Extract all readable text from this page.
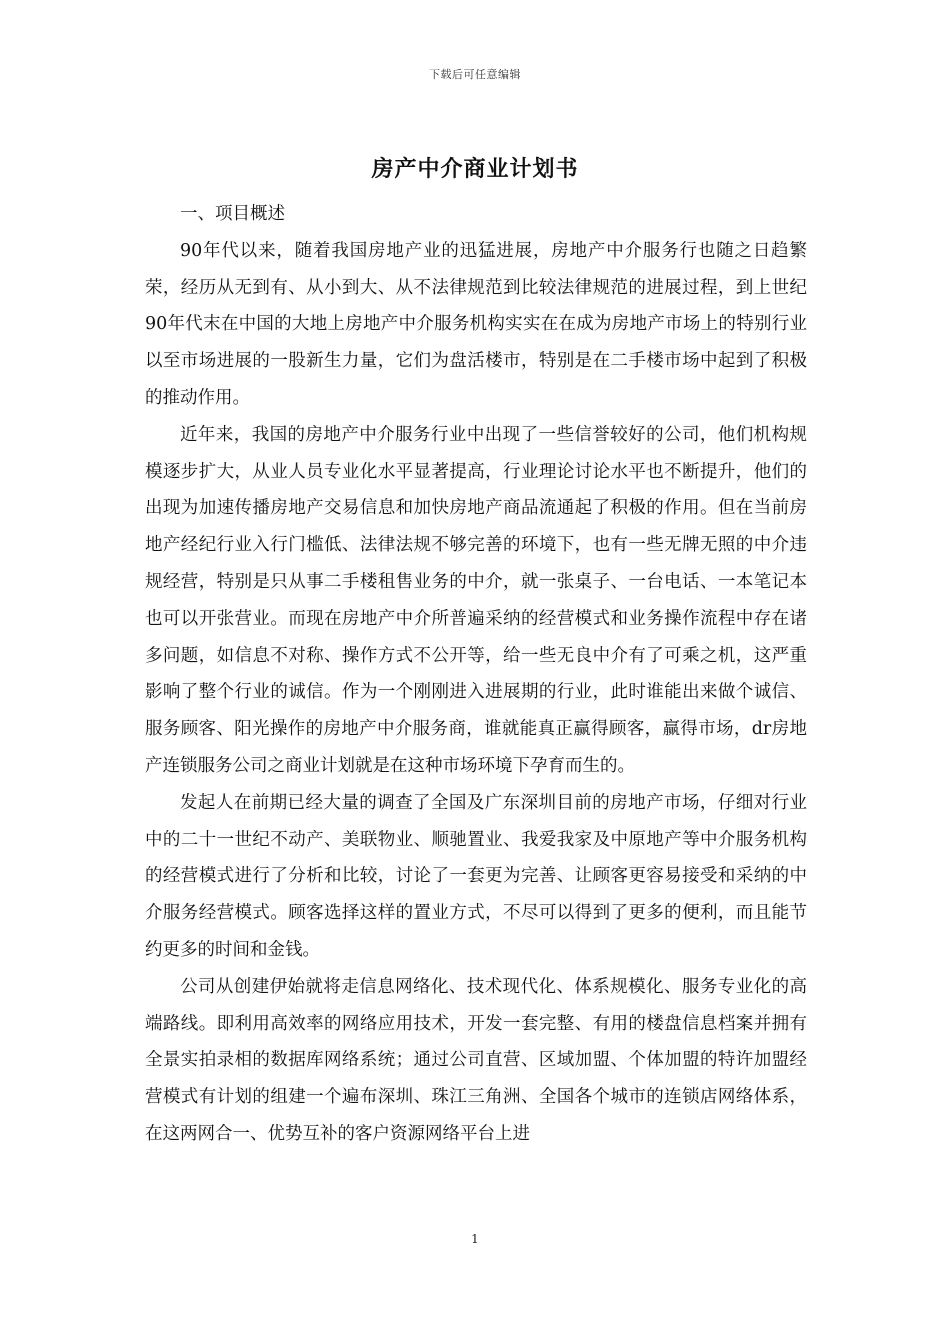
下载后可任意编辑
房产中介商业计划书

一、项目概述

90年代以来，随着我国房地产业的迅猛进展，房地产中介服务行也随之日趋繁荣，经历从无到有、从小到大、从不法律规范到比较法律规范的进展过程，到上世纪90年代末在中国的大地上房地产中介服务机构实实在在成为房地产市场上的特别行业以至市场进展的一股新生力量，它们为盘活楼市，特别是在二手楼市场中起到了积极的推动作用。

近年来，我国的房地产中介服务行业中出现了一些信誉较好的公司，他们机构规模逐步扩大，从业人员专业化水平显著提高，行业理论讨论水平也不断提升，他们的出现为加速传播房地产交易信息和加快房地产商品流通起了积极的作用。但在当前房地产经纪行业入行门槛低、法律法规不够完善的环境下，也有一些无牌无照的中介违规经营，特别是只从事二手楼租售业务的中介，就一张桌子、一台电话、一本笔记本也可以开张营业。而现在房地产中介所普遍采纳的经营模式和业务操作流程中存在诸多问题，如信息不对称、操作方式不公开等，给一些无良中介有了可乘之机，这严重影响了整个行业的诚信。作为一个刚刚进入进展期的行业，此时谁能出来做个诚信、服务顾客、阳光操作的房地产中介服务商，谁就能真正赢得顾客，赢得市场，dr房地产连锁服务公司之商业计划就是在这种市场环境下孕育而生的。

发起人在前期已经大量的调查了全国及广东深圳目前的房地产市场，仔细对行业中的二十一世纪不动产、美联物业、顺驰置业、我爱我家及中原地产等中介服务机构的经营模式进行了分析和比较，讨论了一套更为完善、让顾客更容易接受和采纳的中介服务经营模式。顾客选择这样的置业方式，不尽可以得到了更多的便利，而且能节约更多的时间和金钱。

公司从创建伊始就将走信息网络化、技术现代化、体系规模化、服务专业化的高端路线。即利用高效率的网络应用技术，开发一套完整、有用的楼盘信息档案并拥有全景实拍录相的数据库网络系统；通过公司直营、区域加盟、个体加盟的特许加盟经营模式有计划的组建一个遍布深圳、珠江三角洲、全国各个城市的连锁店网络体系，在这两网合一、优势互补的客户资源网络平台上进

1
